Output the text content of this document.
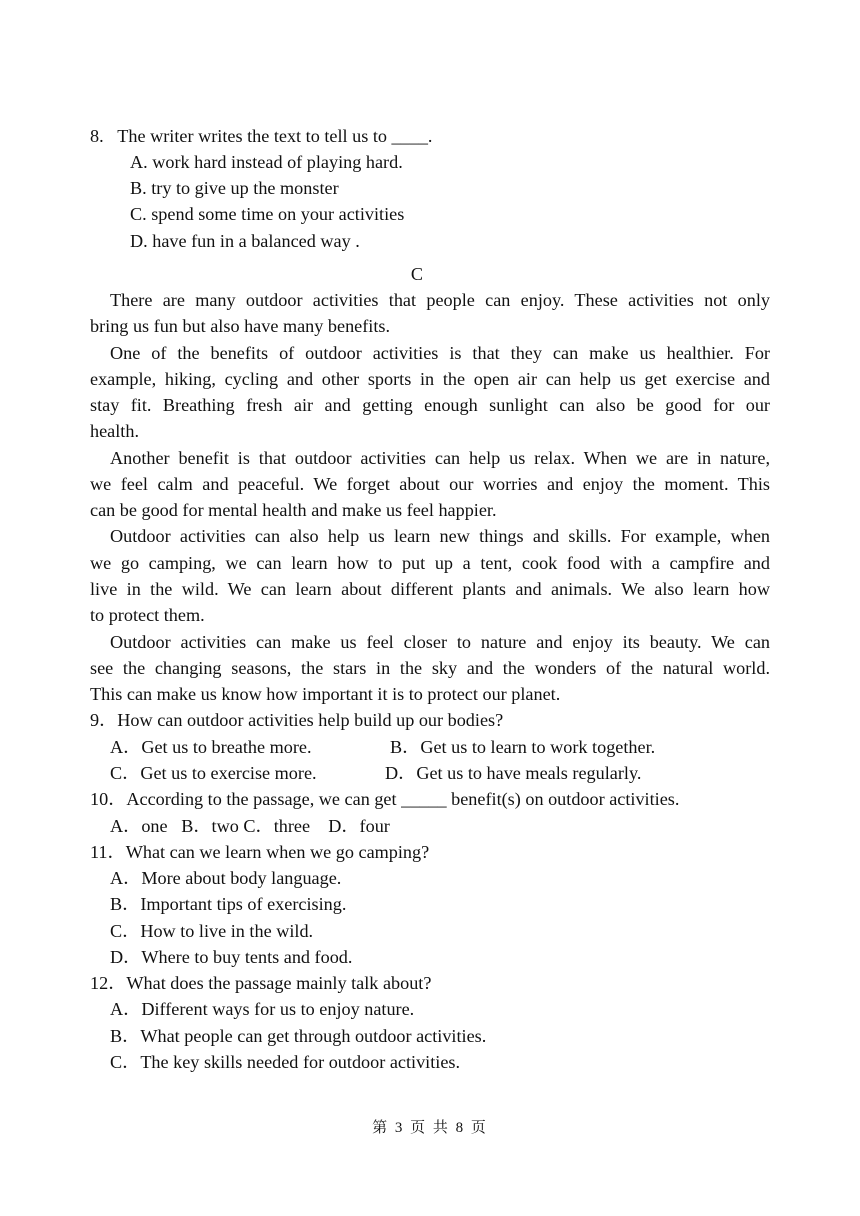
8.   The writer writes the text to tell us to ____.
A. work hard instead of playing hard.
B. try to give up the monster
C. spend some time on your activities
D. have fun in a balanced way .
C
There are many outdoor activities that people can enjoy. These activities not only
bring us fun but also have many benefits.
One of the benefits of outdoor activities is that they can make us healthier. For
example, hiking, cycling and other sports in the open air can help us get exercise and
stay fit. Breathing fresh air and getting enough sunlight can also be good for our
health.
Another benefit is that outdoor activities can help us relax. When we are in nature,
we feel calm and peaceful. We forget about our worries and enjoy the moment. This
can be good for mental health and make us feel happier.
Outdoor activities can also help us learn new things and skills. For example, when
we go camping, we can learn how to put up a tent, cook food with a campfire and
live in the wild. We can learn about different plants and animals. We also learn how
to protect them.
Outdoor activities can make us feel closer to nature and enjoy its beauty. We can
see the changing seasons, the stars in the sky and the wonders of the natural world.
This can make us know how important it is to protect our planet.
9．How can outdoor activities help build up our bodies?
A．Get us to breathe more.	B．Get us to learn to work together.
C．Get us to exercise more.	D．Get us to have meals regularly.
10．According to the passage, we can get _____ benefit(s) on outdoor activities.
A．one   B．two C．three    D．four
11．What can we learn when we go camping?
A．More about body language.
B．Important tips of exercising.
C．How to live in the wild.
D．Where to buy tents and food.
12．What does the passage mainly talk about?
A．Different ways for us to enjoy nature.
B．What people can get through outdoor activities.
C．The key skills needed for outdoor activities.
第 3 页 共 8 页
